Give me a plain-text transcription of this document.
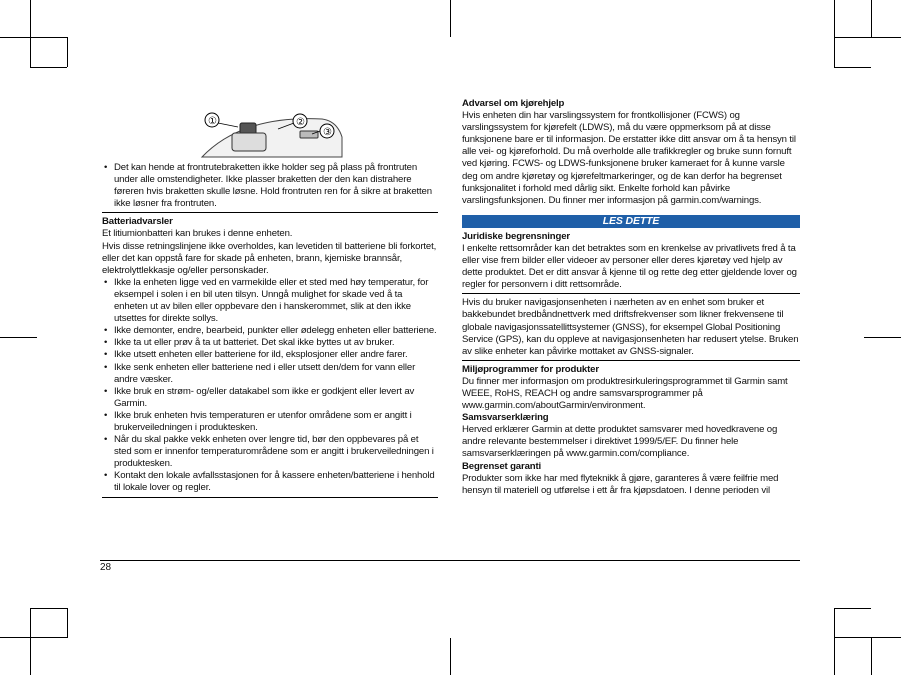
①	②
③
• Det kan hende at frontrutebraketten ikke holder seg på plass på frontruten under alle omstendigheter. Ikke plasser braketten der den kan distrahere føreren hvis braketten skulle løsne. Hold frontruten ren for å sikre at braketten ikke løsner fra frontruten.

Batteriadvarsler

Et litiumionbatteri kan brukes i denne enheten.

Hvis disse retningslinjene ikke overholdes, kan levetiden til batteriene bli forkortet, eller det kan oppstå fare for skade på enheten, brann, kjemiske brannsår, elektrolyttlekkasje og/eller personskader.

• Ikke la enheten ligge ved en varmekilde eller et sted med høy temperatur, for eksempel i solen i en bil uten tilsyn. Unngå mulighet for skade ved å ta enheten ut av bilen eller oppbevare den i hanskerommet, slik at den ikke utsettes for direkte sollys.
• Ikke demonter, endre, bearbeid, punkter eller ødelegg enheten eller batteriene.
• Ikke ta ut eller prøv å ta ut batteriet. Det skal ikke byttes ut av bruker.
• Ikke utsett enheten eller batteriene for ild, eksplosjoner eller andre farer.
• Ikke senk enheten eller batteriene ned i eller utsett den/dem for vann eller andre væsker.
• Ikke bruk en strøm- og/eller datakabel som ikke er godkjent eller levert av Garmin.
• Ikke bruk enheten hvis temperaturen er utenfor områdene som er angitt i brukerveiledningen i produktesken.
• Når du skal pakke vekk enheten over lengre tid, bør den oppbevares på et sted som er innenfor temperaturområdene som er angitt i brukerveiledningen i produktesken.
• Kontakt den lokale avfallsstasjonen for å kassere enheten/batteriene i henhold til lokale lover og regler.

Advarsel om kjørehjelp

Hvis enheten din har varslingssystem for frontkollisjoner (FCWS) og varslingssystem for kjørefelt (LDWS), må du være oppmerksom på at disse funksjonene bare er til informasjon. De erstatter ikke ditt ansvar om å ta hensyn til alle vei- og kjøreforhold. Du må overholde alle trafikkregler og bruke sunn fornuft ved kjøring. FCWS- og LDWS-funksjonene bruker kameraet for å kunne varsle deg om andre kjøretøy og kjørefeltmarkeringer, og de kan derfor ha begrenset funksjonalitet i forhold med dårlig sikt. Enkelte forhold kan påvirke varslingsfunksjonen. Du finner mer informasjon på garmin.com/warnings.

LES DETTE

Juridiske begrensninger

I enkelte rettsområder kan det betraktes som en krenkelse av privatlivets fred å ta eller vise frem bilder eller videoer av personer eller deres kjøretøy ved hjelp av dette produktet. Det er ditt ansvar å kjenne til og rette deg etter gjeldende lover og regler for personvern i ditt rettsområde.

Hvis du bruker navigasjonsenheten i nærheten av en enhet som bruker et bakkebundet bredbåndnettverk med driftsfrekvenser som likner frekvensene til globale navigasjonssatellittsystemer (GNSS), for eksempel Global Positioning Service (GPS), kan du oppleve at navigasjonsenheten har redusert ytelse. Bruken av slike enheter kan påvirke mottaket av GNSS-signaler.

Miljøprogrammer for produkter

Du finner mer informasjon om produktresirkuleringsprogrammet til Garmin samt WEEE, RoHS, REACH og andre samsvarsprogrammer på www.garmin.com/aboutGarmin/environment.

Samsvarserklæring

Herved erklærer Garmin at dette produktet samsvarer med hovedkravene og andre relevante bestemmelser i direktivet 1999/5/EF. Du finner hele samsvarserklæringen på www.garmin.com/compliance.

Begrenset garanti

Produkter som ikke har med flyteknikk å gjøre, garanteres å være feilfrie med hensyn til materiell og utførelse i ett år fra kjøpsdatoen. I denne perioden vil

28
